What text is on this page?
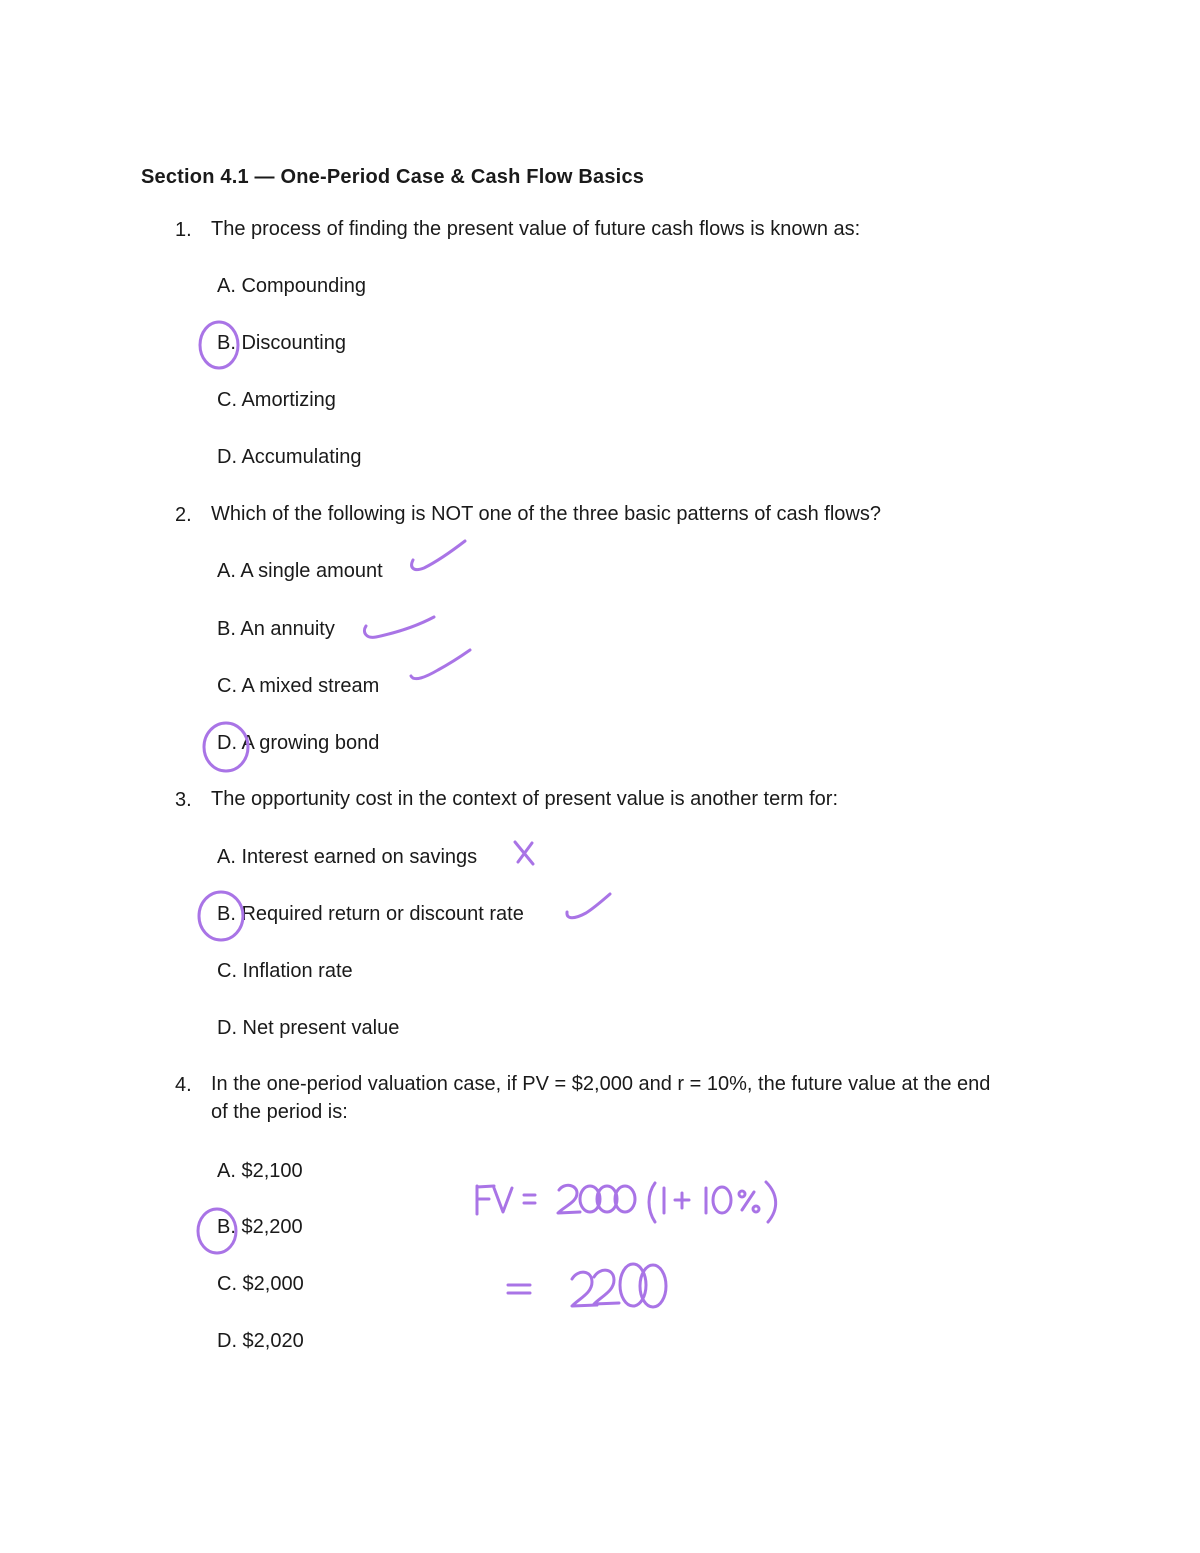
Section 4.1 — One-Period Case & Cash Flow Basics
1. The process of finding the present value of future cash flows is known as:
A. Compounding
B. Discounting
C. Amortizing
D. Accumulating
2. Which of the following is NOT one of the three basic patterns of cash flows?
A. A single amount
B. An annuity
C. A mixed stream
D. A growing bond
3. The opportunity cost in the context of present value is another term for:
A. Interest earned on savings
B. Required return or discount rate
C. Inflation rate
D. Net present value
4. In the one-period valuation case, if PV = $2,000 and r = 10%, the future value at the end
of the period is:
A. $2,100
B. $2,200
C. $2,000
D. $2,020
